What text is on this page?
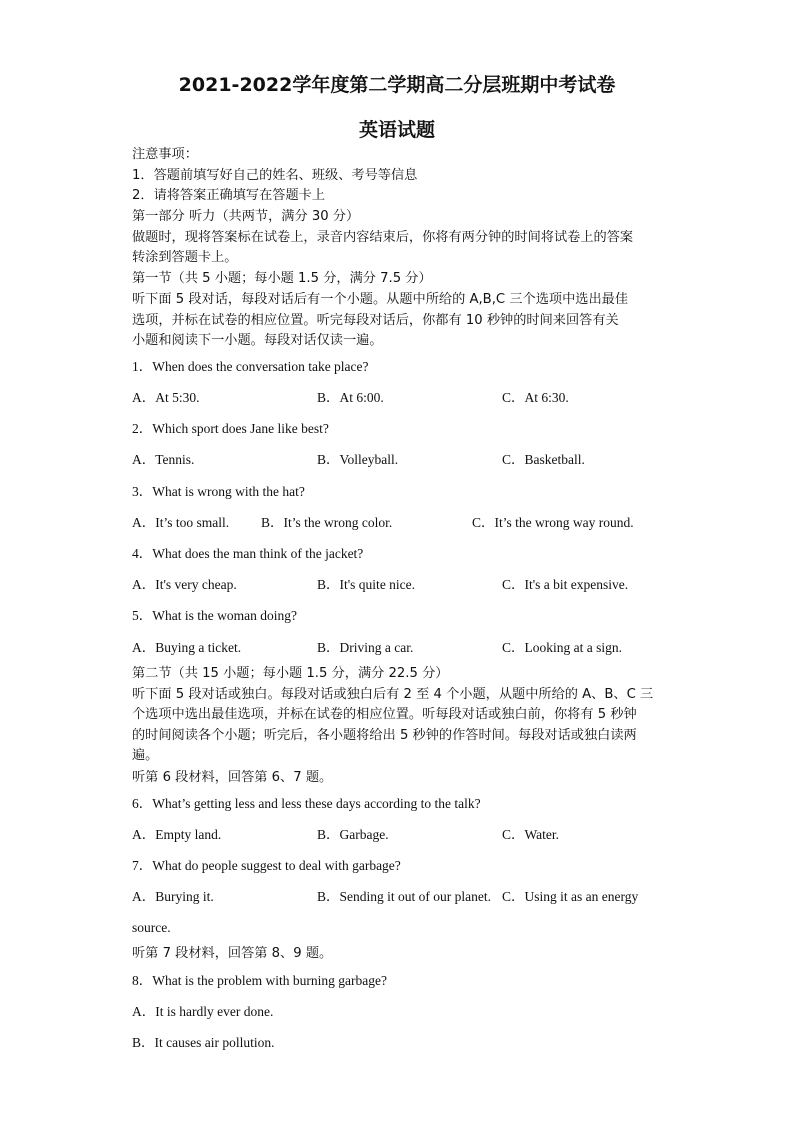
2021-2022学年度第二学期高二分层班期中考试卷
英语试题
注意事项：
1．答题前填写好自己的姓名、班级、考号等信息
2．请将答案正确填写在答题卡上
第一部分 听力（共两节，满分 30 分）
做题时，现将答案标在试卷上，录音内容结束后，你将有两分钟的时间将试卷上的答案
转涂到答题卡上。
第一节（共 5 小题；每小题 1.5 分，满分 7.5 分）
听下面 5 段对话，每段对话后有一个小题。从题中所给的 A,B,C 三个选项中选出最佳
选项，并标在试卷的相应位置。听完每段对话后，你都有 10 秒钟的时间来回答有关
小题和阅读下一小题。每段对话仅读一遍。
1．When does the conversation take place?
A．At 5:30.	B．At 6:00.	C．At 6:30.
2．Which sport does Jane like best?
A．Tennis.	B．Volleyball.	C．Basketball.
3．What is wrong with the hat?
A．It’s too small. B．It’s the wrong color.	C．It’s the wrong way round.
4．What does the man think of the jacket?
A．It's very cheap.	B．It's quite nice.	C．It's a bit expensive.
5．What is the woman doing?
A．Buying a ticket.	B．Driving a car.	C．Looking at a sign.
第二节（共 15 小题；每小题 1.5 分，满分 22.5 分）
听下面 5 段对话或独白。每段对话或独白后有 2 至 4 个小题，从题中所给的 A、B、C 三
个选项中选出最佳选项，并标在试卷的相应位置。听每段对话或独白前，你将有 5 秒钟
的时间阅读各个小题；听完后，各小题将给出 5 秒钟的作答时间。每段对话或独白读两
遍。
听第 6 段材料，回答第 6、7 题。
6．What’s getting less and less these days according to the talk?
A．Empty land.	B．Garbage.	C．Water.
7．What do people suggest to deal with garbage?
A．Burying it.	B．Sending it out of our planet. C．Using it as an energy
source.
听第 7 段材料，回答第 8、9 题。
8．What is the problem with burning garbage?
A．It is hardly ever done.
B．It causes air pollution.
